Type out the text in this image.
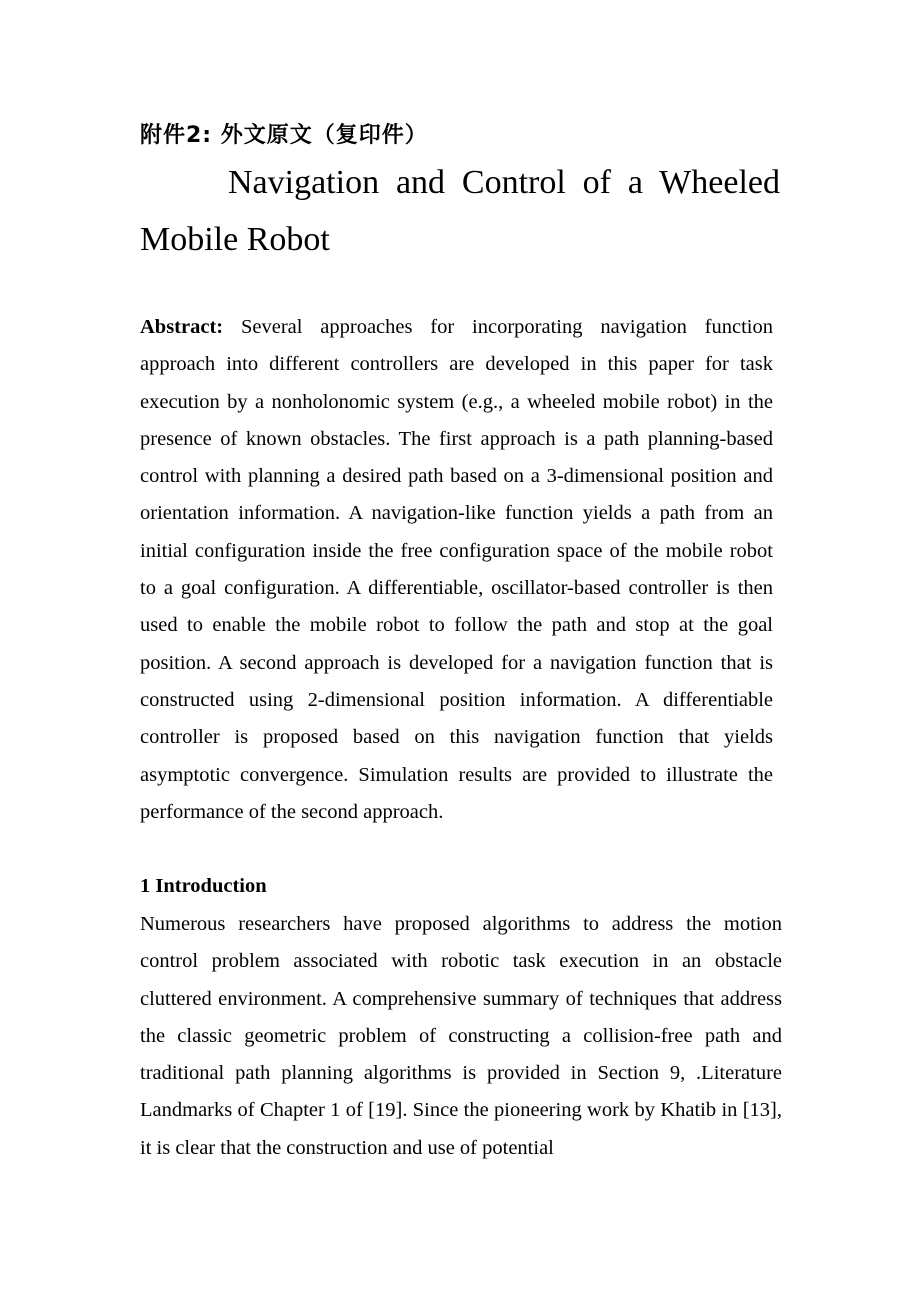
附件2: 外文原文（复印件）
Navigation and Control of a Wheeled Mobile Robot

Abstract: Several approaches for incorporating navigation function approach into different controllers are developed in this paper for task execution by a nonholonomic system (e.g., a wheeled mobile robot) in the presence of known obstacles. The first approach is a path planning-based control with planning a desired path based on a 3-dimensional position and orientation information. A navigation-like function yields a path from an initial configuration inside the free configuration space of the mobile robot to a goal configuration. A differentiable, oscillator-based controller is then used to enable the mobile robot to follow the path and stop at the goal position. A second approach is developed for a navigation function that is constructed using 2-dimensional position information. A differentiable controller is proposed based on this navigation function that yields asymptotic convergence. Simulation results are provided to illustrate the performance of the second approach.

1 Introduction

Numerous researchers have proposed algorithms to address the motion control problem associated with robotic task execution in an obstacle cluttered environment. A comprehensive summary of techniques that address the classic geometric problem of constructing a collision-free path and traditional path planning algorithms is provided in Section 9, .Literature Landmarks of Chapter 1 of [19]. Since the pioneering work by Khatib in [13], it is clear that the construction and use of potential
